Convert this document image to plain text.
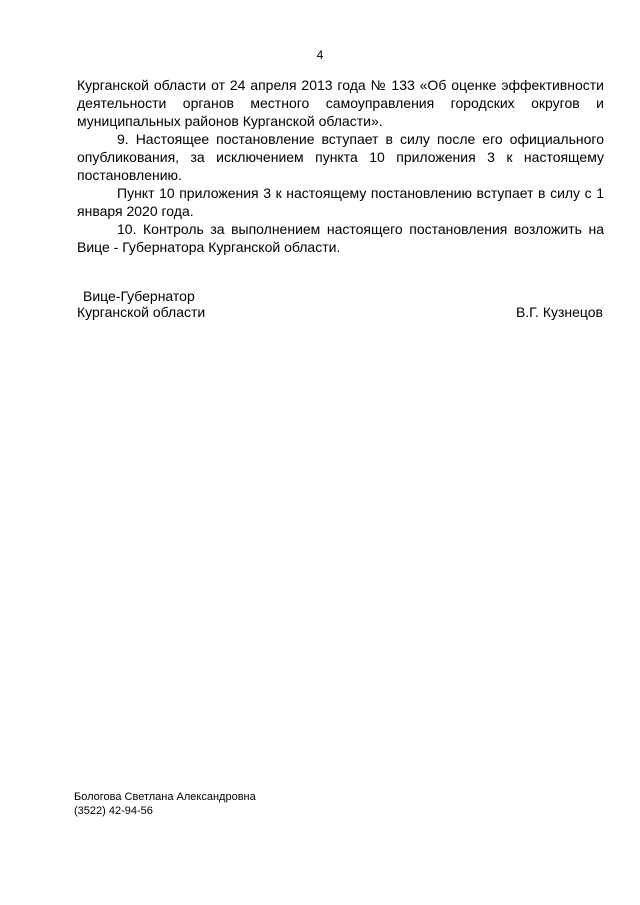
4

Курганской области от 24 апреля 2013 года № 133 «Об оценке эффективности деятельности органов местного самоуправления городских округов и муниципальных районов Курганской области».

9. Настоящее постановление вступает в силу после его официального опубликования, за исключением пункта 10 приложения 3 к настоящему постановлению.

Пункт 10 приложения 3 к настоящему постановлению вступает в силу с 1 января 2020 года.

10. Контроль за выполнением настоящего постановления возложить на Вице - Губернатора Курганской области.

Вице-Губернатор
Курганской области	В.Г. Кузнецов
Бологова Светлана Александровна
(3522) 42-94-56
